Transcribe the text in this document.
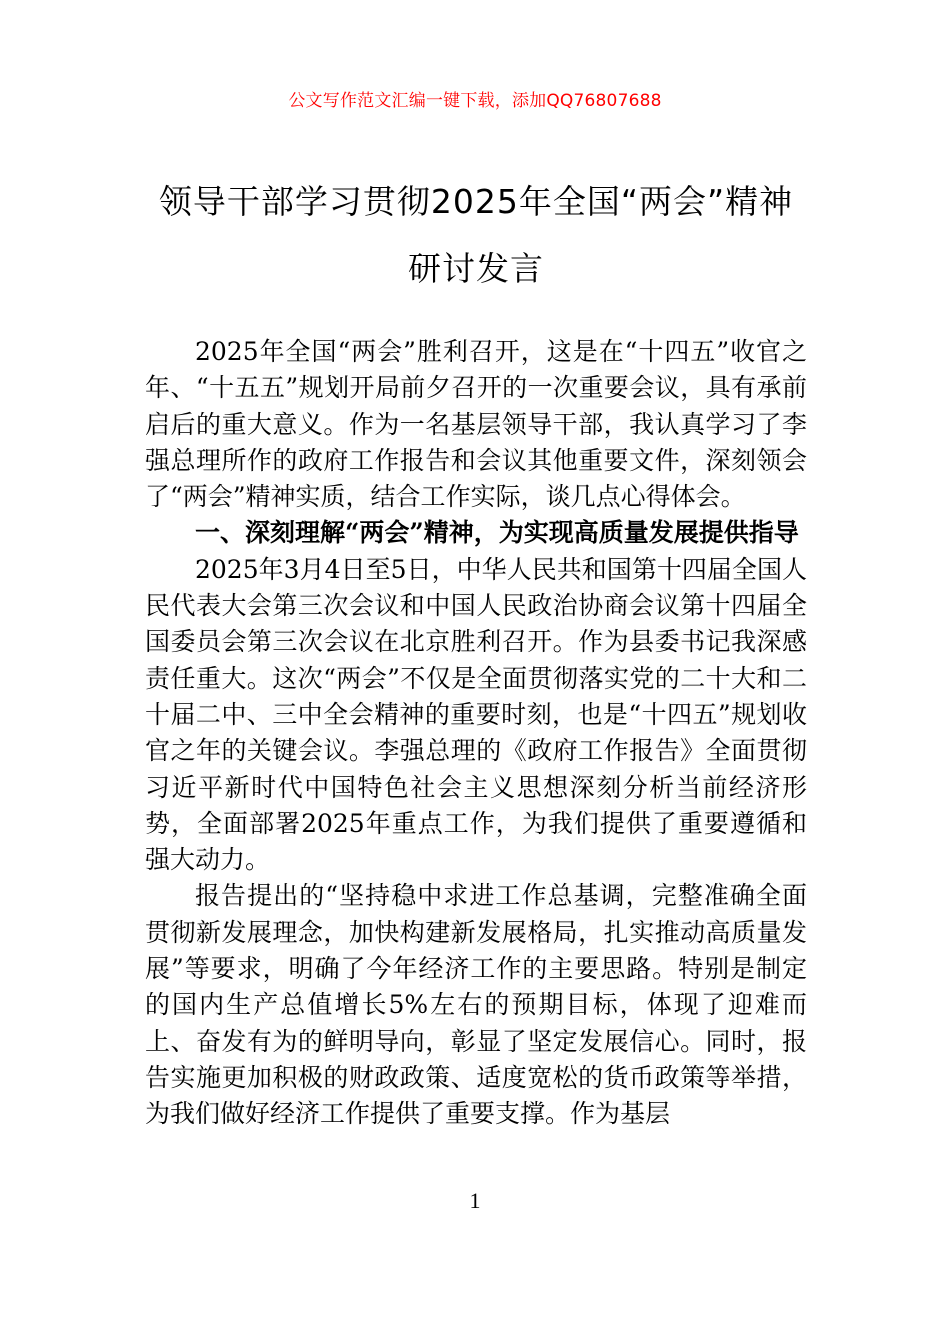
公文写作范文汇编一键下载，添加QQ76807688
领导干部学习贯彻2025年全国“两会”精神研讨发言

2025年全国“两会”胜利召开，这是在“十四五”收官之年、“十五五”规划开局前夕召开的一次重要会议，具有承前启后的重大意义。作为一名基层领导干部，我认真学习了李强总理所作的政府工作报告和会议其他重要文件，深刻领会了“两会”精神实质，结合工作实际，谈几点心得体会。

一、深刻理解“两会”精神，为实现高质量发展提供指导

2025年3月4日至5日，中华人民共和国第十四届全国人民代表大会第三次会议和中国人民政治协商会议第十四届全国委员会第三次会议在北京胜利召开。作为县委书记我深感责任重大。这次“两会”不仅是全面贯彻落实党的二十大和二十届二中、三中全会精神的重要时刻，也是“十四五”规划收官之年的关键会议。李强总理的《政府工作报告》全面贯彻习近平新时代中国特色社会主义思想深刻分析当前经济形势，全面部署2025年重点工作，为我们提供了重要遵循和强大动力。

报告提出的“坚持稳中求进工作总基调，完整准确全面贯彻新发展理念，加快构建新发展格局，扎实推动高质量发展”等要求，明确了今年经济工作的主要思路。特别是制定的国内生产总值增长5%左右的预期目标，体现了迎难而上、奋发有为的鲜明导向，彰显了坚定发展信心。同时，报告实施更加积极的财政政策、适度宽松的货币政策等举措，为我们做好经济工作提供了重要支撑。作为基层

1
